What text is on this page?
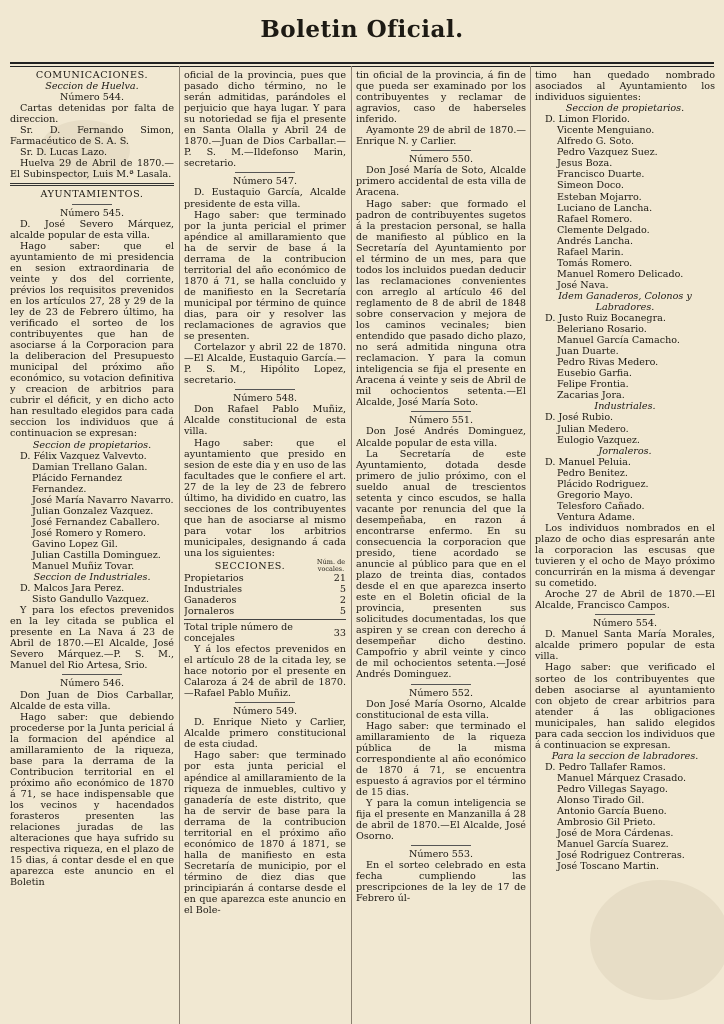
Boletin Oficial.

COMUNICACIONES.

Seccion de Huelva.

Número 544.

Cartas detenidas por falta de direccion.

Sr. D. Fernando Simon, Farmacéutico de S. A. S.

Sr. D. Lucas Lazo.

Huelva 29 de Abril de 1870.—El Subinspector, Luis M.ª Lasala.

AYUNTAMIENTOS.

Número 545.

D. José Severo Márquez, alcalde popular de esta villa.

Hago saber: que el ayuntamiento de mi presidencia en sesion extraordinaria de veinte y dos del corriente, prévios los requisitos prevenidos en los artículos 27, 28 y 29 de la ley de 23 de Febrero último, ha verificado el sorteo de los contribuyentes que han de asociarse á la Corporacion para la deliberacion del Presupuesto municipal del próximo año económico, su votacion definitiva y creacion de arbitrios para cubrir el déficit, y en dicho acto han resultado elegidos para cada seccion los individuos que á continuacion se expresan:

Seccion de propietarios.

D. Félix Vazquez Valvevto.

Damian Trellano Galan.

Plácido Fernandez Fernandez.

José María Navarro Navarro.

Julian Gonzalez Vazquez.

José Fernandez Caballero.

José Romero y Romero.

Gavino Lopez Gil.

Julian Castilla Dominguez.

Manuel Muñiz Tovar.

Seccion de Industriales.

D. Malcos Jara Perez.

Sisto Gandullo Vazquez.

Y para los efectos prevenidos en la ley citada se publica el presente en La Nava á 23 de Abril de 1870.—El Alcalde, José Severo Márquez.—P. S. M., Manuel del Rio Artesa, Srio.

Número 546.

Don Juan de Dios Carballar, Alcalde de esta villa.

Hago saber: que debiendo procederse por la Junta pericial á la formacion del apéndice al amillaramiento de la riqueza, base para la derrama de la Contribucion territorial en el próximo año económico de 1870 á 71, se hace indispensable que los vecinos y hacendados forasteros presenten las relaciones juradas de las alteraciones que haya sufrido su respectiva riqueza, en el plazo de 15 dias, á contar desde el en que aparezca este anuncio en el Boletin

oficial de la provincia, pues que pasado dicho término, no le serán admitidas, parándoles el perjuicio que haya lugar. Y para su notoriedad se fija el presente en Santa Olalla y Abril 24 de 1870.—Juan de Dios Carballar.—P. S. M.—Ildefonso Marin, secretario.

Número 547.

D. Eustaquio García, Alcalde presidente de esta villa.

Hago saber: que terminado por la junta pericial el primer apéndice al amillaramiento que ha de servir de base á la derrama de la contribucion territorial del año económico de 1870 á 71, se halla concluido y de manifiesto en la Secretaría municipal por término de quince dias, para oir y resolver las reclamaciones de agravios que se presenten.

Cortelazor y abril 22 de 1870.—El Alcalde, Eustaquio García.—P. S. M., Hipólito Lopez, secretario.

Número 548.

Don Rafael Pablo Muñiz, Alcalde constitucional de esta villa.

Hago saber: que el ayuntamiento que presido en sesion de este dia y en uso de las facultades que le confiere el art. 27 de la ley de 23 de febrero último, ha dividido en cuatro, las secciones de los contribuyentes que han de asociarse al mismo para votar los arbitrios municipales, designando á cada una los siguientes:

SECCIONES.	Núm. de vocales.
Propietarios	21
Industriales	5
Ganaderos	2
Jornaleros	5

Total triple número de concejales	33

Y á los efectos prevenidos en el artículo 28 de la citada ley, se hace notorio por el presente en Calaroza á 24 de abril de 1870.—Rafael Pablo Muñiz.

Número 549.

D. Enrique Nieto y Carlier, Alcalde primero constitucional de esta ciudad.

Hago saber: que terminado por esta junta pericial el apéndice al amillaramiento de la riqueza de inmuebles, cultivo y ganadería de este distrito, que ha de servir de base para la derrama de la contribucion territorial en el próximo año económico de 1870 á 1871, se halla de manifiesto en esta Secretaría de municipio, por el término de diez dias que principiarán á contarse desde el en que aparezca este anuncio en el Bole-

tin oficial de la provincia, á fin de que pueda ser examinado por los contribuyentes y reclamar de agravios, caso de haberseles inferido.

Ayamonte 29 de abril de 1870.—Enrique N. y Carlier.

Número 550.

Don José María de Soto, Alcalde primero accidental de esta villa de Aracena.

Hago saber: que formado el padron de contribuyentes sugetos á la prestacion personal, se halla de manifiesto al público en la Secretaría del Ayuntamiento por el término de un mes, para que todos los incluidos puedan deducir las reclamaciones convenientes con arreglo al artículo 46 del reglamento de 8 de abril de 1848 sobre conservacion y mejora de los caminos vecinales; bien entendido que pasado dicho plazo, no será admitida ninguna otra reclamacion. Y para la comun inteligencia se fija el presente en Aracena á veinte y seis de Abril de mil ochocientos setenta.—El Alcalde, José María Soto.

Número 551.

Don José Andrés Dominguez, Alcalde popular de esta villa.

La Secretaría de este Ayuntamiento, dotada desde primero de julio próximo, con el sueldo anual de trescientos setenta y cinco escudos, se halla vacante por renuncia del que la desempeñaba, en razon á encontrarse enfermo. En su consecuencia la corporacion que presido, tiene acordado se anuncie al público para que en el plazo de treinta dias, contados desde el en que aparezca inserto este en el Boletin oficial de la provincia, presenten sus solicitudes documentadas, los que aspiren y se crean con derecho á desempeñar dicho destino. Campofrio y abril veinte y cinco de mil ochocientos setenta.—José Andrés Dominguez.

Número 552.

Don José María Osorno, Alcalde constitucional de esta villa.

Hago saber: que terminado el amillaramiento de la riqueza pública de la misma correspondiente al año económico de 1870 á 71, se encuentra espuesto á agravios por el término de 15 dias.

Y para la comun inteligencia se fija el presente en Manzanilla á 28 de abril de 1870.—El Alcalde, José Osorno.

Número 553.

En el sorteo celebrado en esta fecha cumpliendo las prescripciones de la ley de 17 de Febrero úl-

timo han quedado nombrado asociados al Ayuntamiento los individuos siguientes:

Seccion de propietarios.

D. Limon Florido.

Vicente Menguiano.

Alfredo G. Soto.

Pedro Vazquez Suez.

Jesus Boza.

Francisco Duarte.

Simeon Doco.

Esteban Mojarro.

Luciano de Lancha.

Rafael Romero.

Clemente Delgado.

Andrés Lancha.

Rafael Marin.

Tomás Romero.

Manuel Romero Delicado.

José Nava.

Idem Ganaderos, Colonos y Labradores.

D. Justo Ruiz Bocanegra.

Beleriano Rosario.

Manuel García Camacho.

Juan Duarte.

Pedro Rivas Medero.

Eusebio Garfia.

Felipe Frontia.

Zacarias Jora.

Industriales.

D. José Rubio.

Julian Medero.

Eulogio Vazquez.

Jornaleros.

D. Manuel Peluia.

Pedro Benitez.

Plácido Rodriguez.

Gregorio Mayo.

Telesforo Cañado.

Ventura Adame.

Los individuos nombrados en el plazo de ocho dias espresarán ante la corporacion las escusas que tuvieren y el ocho de Mayo próximo concurrirán en la misma á devengar su cometido.

Aroche 27 de Abril de 1870.—El Alcalde, Francisco Campos.

Número 554.

D. Manuel Santa María Morales, alcalde primero popular de esta villa.

Hago saber: que verificado el sorteo de los contribuyentes que deben asociarse al ayuntamiento con objeto de crear arbitrios para atender á las obligaciones municipales, han salido elegidos para cada seccion los individuos que á continuacion se expresan.

Para la seccion de labradores.

D. Pedro Tallafer Ramos.

Manuel Márquez Crasado.

Pedro Villegas Sayago.

Alonso Tirado Gil.

Antonio García Bueno.

Ambrosio Gil Prieto.

José de Mora Cárdenas.

Manuel García Suarez.

José Rodriguez Contreras.

José Toscano Martin.
